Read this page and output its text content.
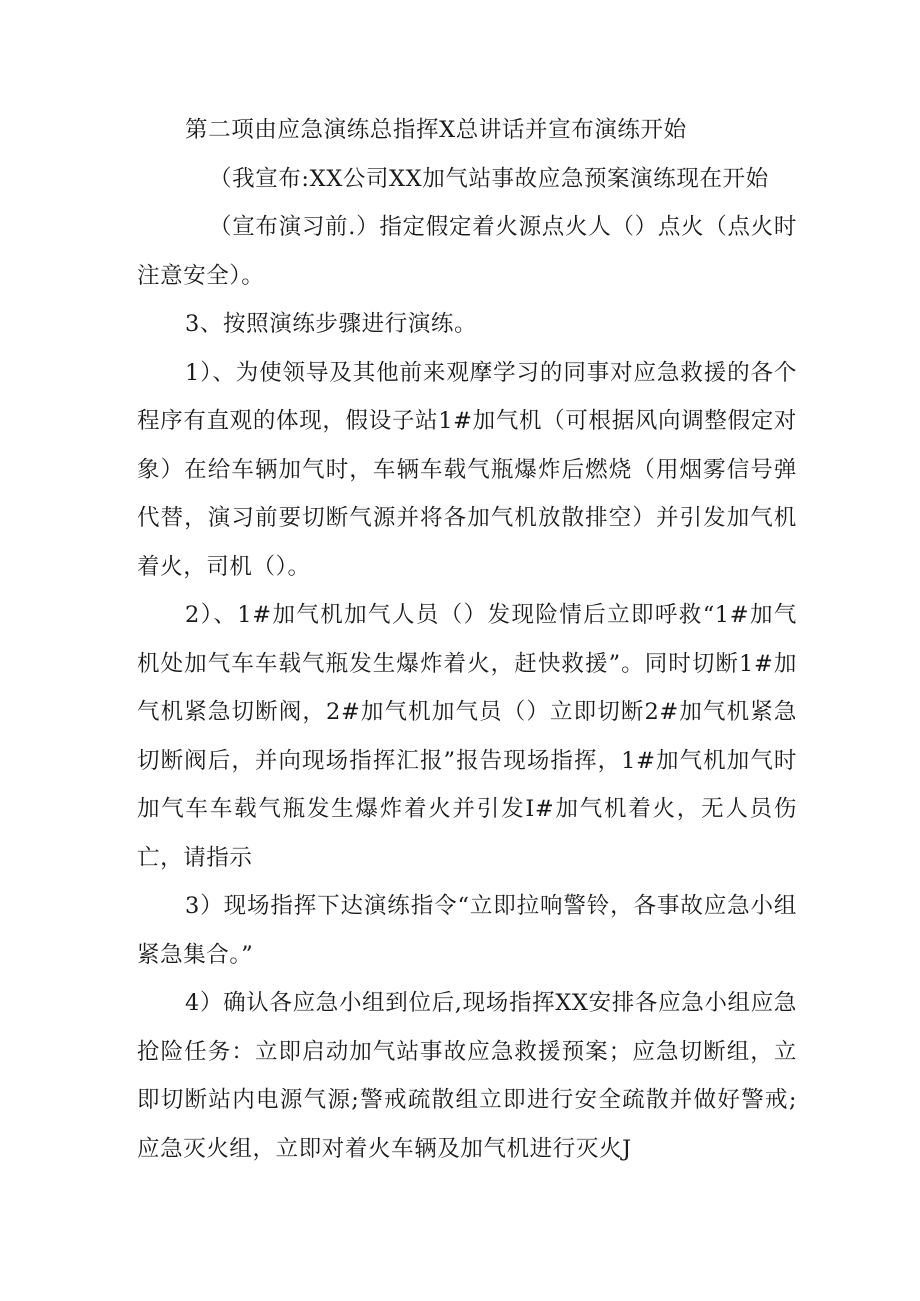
第二项由应急演练总指挥X总讲话并宣布演练开始

（我宣布:XX公司XX加气站事故应急预案演练现在开始

（宣布演习前.）指定假定着火源点火人（）点火（点火时注意安全）。

3、按照演练步骤进行演练。

1）、为使领导及其他前来观摩学习的同事对应急救援的各个程序有直观的体现，假设子站1#加气机（可根据风向调整假定对象）在给车辆加气时，车辆车载气瓶爆炸后燃烧（用烟雾信号弹代替，演习前要切断气源并将各加气机放散排空）并引发加气机着火，司机（）。

2）、1#加气机加气人员（）发现险情后立即呼救“1#加气机处加气车车载气瓶发生爆炸着火，赶快救援”。同时切断1#加气机紧急切断阀，2#加气机加气员（）立即切断2#加气机紧急切断阀后，并向现场指挥汇报”报告现场指挥，1#加气机加气时加气车车载气瓶发生爆炸着火并引发I#加气机着火，无人员伤亡，请指示

3）现场指挥下达演练指令“立即拉响警铃，各事故应急小组紧急集合。”

4）确认各应急小组到位后,现场指挥XX安排各应急小组应急抢险任务：立即启动加气站事故应急救援预案；应急切断组，立即切断站内电源气源;警戒疏散组立即进行安全疏散并做好警戒;应急灭火组，立即对着火车辆及加气机进行灭火J
